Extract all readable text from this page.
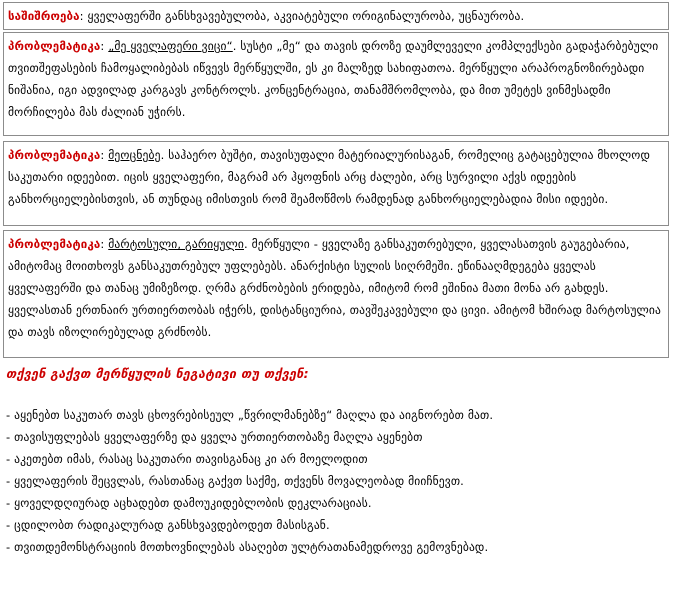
საშიშროება: ყველაფერში განსხვავებულობა, აკვიატებული ორიგინალურობა, უცნაურობა.
პრობლემატიკა: „მე ყველაფერი ვიცი“. სუსტი „მე“ და თავის დროზე დაუმლეველი კომპლექსები გადაჭარბებული თვითშეფასების ჩამოყალიბებას იწვევს მერწყულში, ეს კი მალზედ სახიფათოა. მერწყული არაპროგნოზირებადი ნიშანია, იგი ადვილად კარგავს კონტროლს. კონცენტრაცია, თანამშრომლობა, და მით უმეტეს ვინმესადმი მორჩილება მას ძალიან უჭირს.
პრობლემატიკა: მეოცნებე. საჰაერო ბუშტი, თავისუფალი მატერიალურისაგან, რომელიც გატაცებულია მხოლოდ საკუთარი იდეებით. იცის ყველაფერი, მაგრამ არ ჰყოფნის არც ძალები, არც სურვილი აქვს იდეების განხორციელებისთვის, ან თუნდაც იმისთვის რომ შეამოწმოს რამდენად განხორციელებადია მისი იდეები.
პრობლემატიკა: მარტოსული, გარიყული. მერწყული - ყველაზე განსაკუთრებული, ყველასათვის გაუგებარია, ამიტომაც მოითხოვს განსაკუთრებულ უფლებებს. ანარქისტი სულის სიღრმეში. ეწინააღმდეგება ყველას ყველაფერში და თანაც უმიზეზოდ. ღრმა გრძნობების ერიდება, იმიტომ რომ ეშინია მათი მონა არ გახდეს. ყველასთან ერთნაირ ურთიერთობას იჭერს, დისტანციურია, თავშეკავებული და ცივი. ამიტომ ხშირად მარტოსულია და თავს იზოლირებულად გრძნობს.
თქვენ გაქვთ მერწყულის ნეგატივი თუ თქვენ:
- აყენებთ საკუთარ თავს ცხოვრებისეულ „წვრილმანებზე“ მაღლა და აიგნორებთ მათ.
- თავისუფლებას ყველაფერზე და ყველა ურთიერთობაზე მაღლა აყენებთ
- აკეთებთ იმას, რასაც საკუთარი თავისგანაც კი არ მოელოდით
- ყველაფერის შეცვლას, რასთანაც გაქვთ საქმე, თქვენს მოვალეობად მიიჩნევთ.
- ყოველდღიურად აცხადებთ დამოუკიდებლობის დეკლარაციას.
- ცდილობთ რადიკალურად განსხვავდებოდეთ მასისგან.
- თვითდემონსტრაციის მოთხოვნილებას ასაღებთ ულტრათანამედროვე გემოვნებად.
